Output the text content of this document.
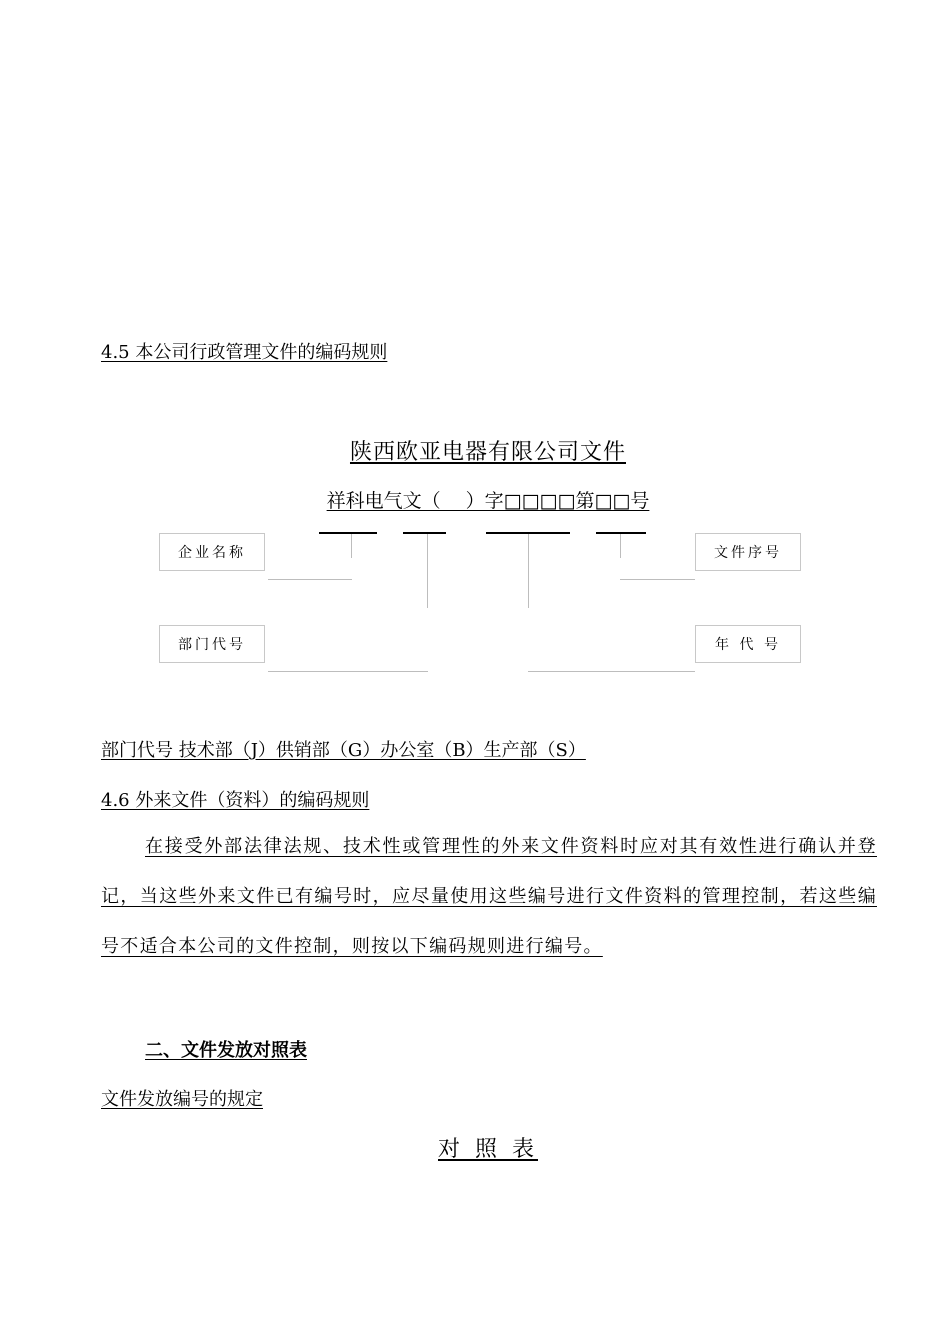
4.5 本公司行政管理文件的编码规则
陕西欧亚电器有限公司文件
祥科电气文（　 ）字□□□□第□□号
企业名称	文件序号
部门代号	年 代 号
部门代号 技术部（J）供销部（G）办公室（B）生产部（S）
4.6 外来文件（资料）的编码规则
在接受外部法律法规、技术性或管理性的外来文件资料时应对其有效性进行确认并登记，当这些外来文件已有编号时，应尽量使用这些编号进行文件资料的管理控制，若这些编号不适合本公司的文件控制，则按以下编码规则进行编号。
二、文件发放对照表
文件发放编号的规定
对 照 表
